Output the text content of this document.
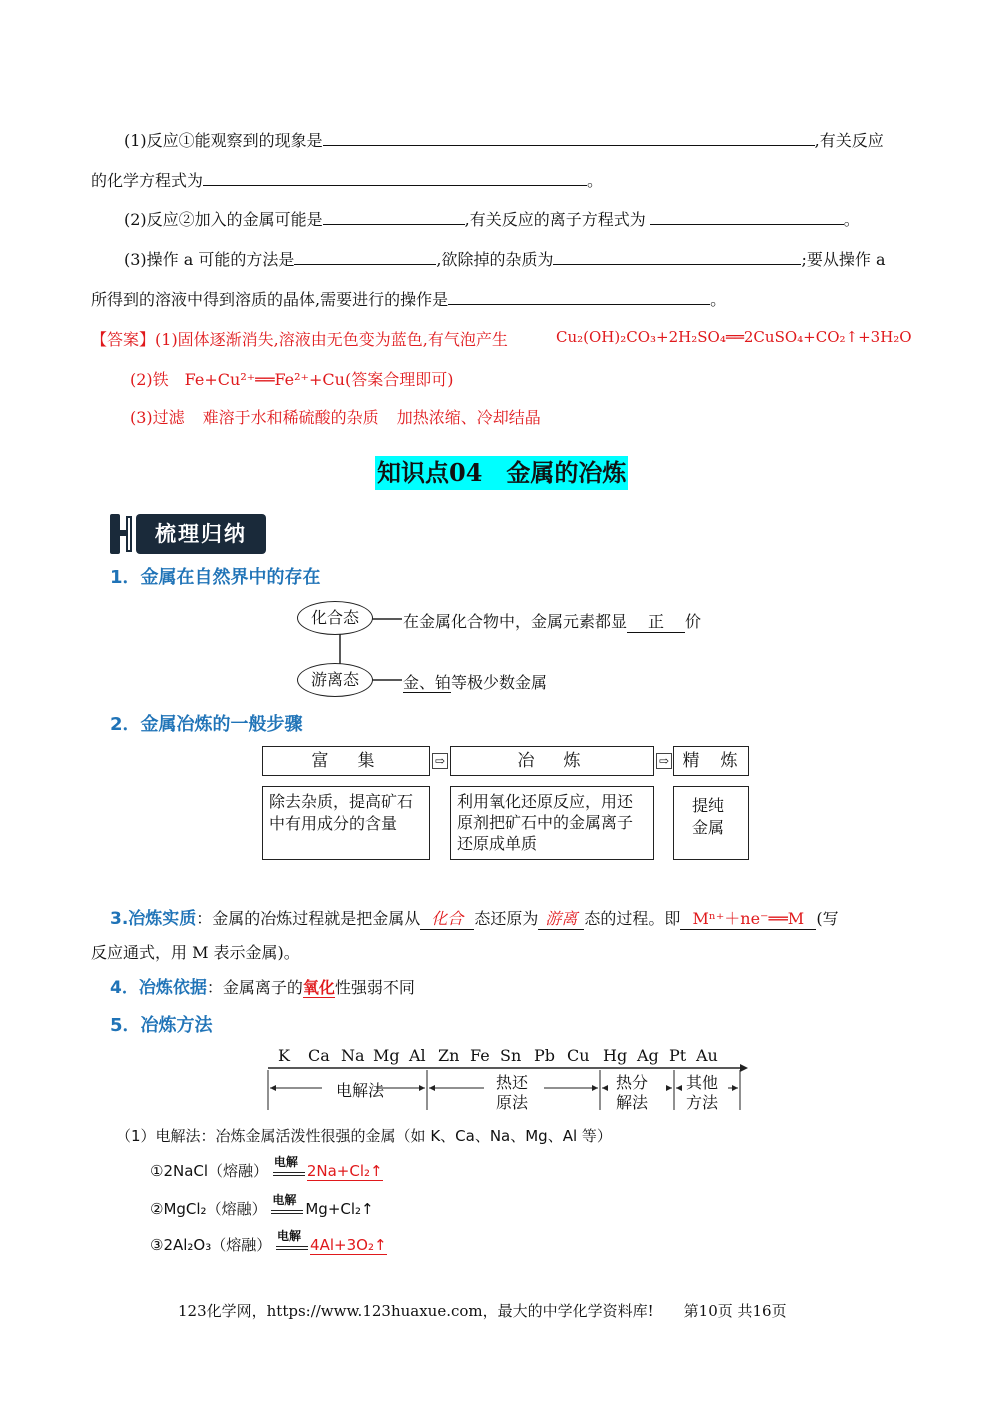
(1)反应①能观察到的现象是	,有关反应
的化学方程式为	。
(2)反应②加入的金属可能是	,有关反应的离子方程式为	。
(3)操作 a 可能的方法是	,欲除掉的杂质为	;要从操作 a
所得到的溶液中得到溶质的晶体,需要进行的操作是	。
【答案】(1)固体逐渐消失,溶液由无色变为蓝色,有气泡产生	Cu₂(OH)₂CO₃+2H₂SO₄══2CuSO₄+CO₂↑+3H₂O
(2)铁 Fe+Cu²⁺══Fe²⁺+Cu(答案合理即可)
(3)过滤 难溶于水和稀硫酸的杂质 加热浓缩、冷却结晶
知识点04　金属的冶炼
梳理归纳
1．金属在自然界中的存在
化合态
游离态
在金属化合物中，金属元素都显 正 价
金、铂等极少数金属
2．金属冶炼的一般步骤
富　集
除去杂质，提高矿石中有用成分的含量
⇨	冶　炼
利用氧化还原反应，用还原剂把矿石中的金属离子还原成单质
⇨ 精　炼
提纯金属
3.冶炼实质：金属的冶炼过程就是把金属从 化合 态还原为 游离 态的过程。即 Mⁿ⁺＋ne⁻══M (写
反应通式，用 M 表示金属)。
4．冶炼依据：金属离子的氧化性强弱不同
5．冶炼方法
K Ca Na Mg Al Zn Fe Sn Pb Cu Hg Ag Pt Au
电解法	热还原法
热分解法
其他方法
（1）电解法：冶炼金属活泼性很强的金属（如 K、Ca、Na、Mg、Al 等）
①2NaCl（熔融） 电解 2Na+Cl₂↑
②MgCl₂（熔融） 电解 Mg+Cl₂↑
③2Al₂O₃（熔融） 电解 4Al+3O₂↑
123化学网，https://www.123huaxue.com，最大的中学化学资料库!　　第10页 共16页
